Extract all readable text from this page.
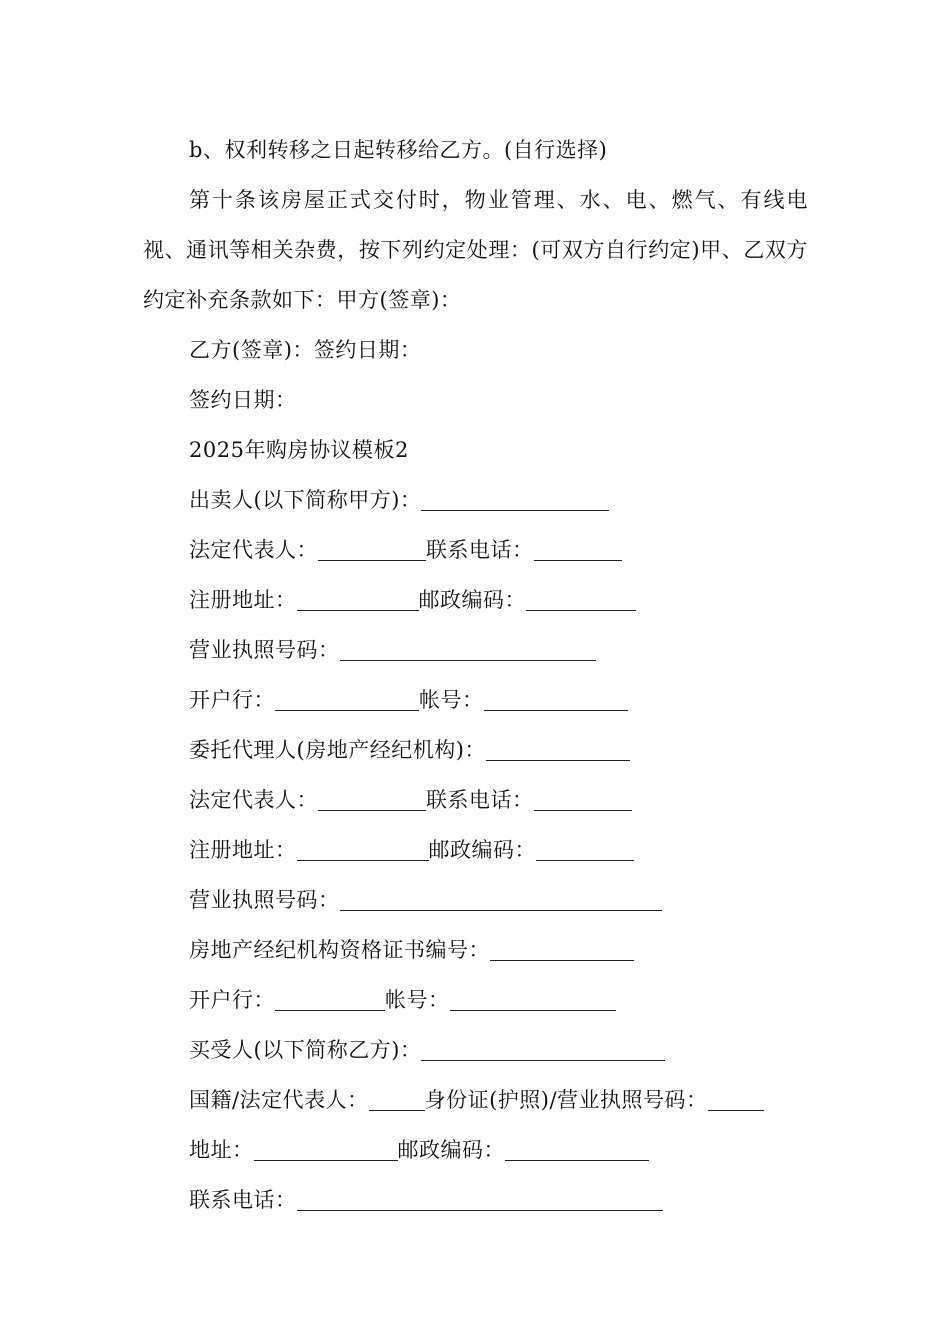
b、权利转移之日起转移给乙方。(自行选择)
第十条该房屋正式交付时，物业管理、水、电、燃气、有线电视、通讯等相关杂费，按下列约定处理：(可双方自行约定)甲、乙双方约定补充条款如下：甲方(签章)：
乙方(签章)：签约日期：
签约日期：
2025年购房协议模板2
出卖人(以下简称甲方)：
法定代表人：	联系电话：
注册地址：	邮政编码：
营业执照号码：
开户行：	帐号：
委托代理人(房地产经纪机构)：
法定代表人：	联系电话：
注册地址：	邮政编码：
营业执照号码：
房地产经纪机构资格证书编号：
开户行：	帐号：
买受人(以下简称乙方)：
国籍/法定代表人：	身份证(护照)/营业执照号码：
地址：	邮政编码：
联系电话：
